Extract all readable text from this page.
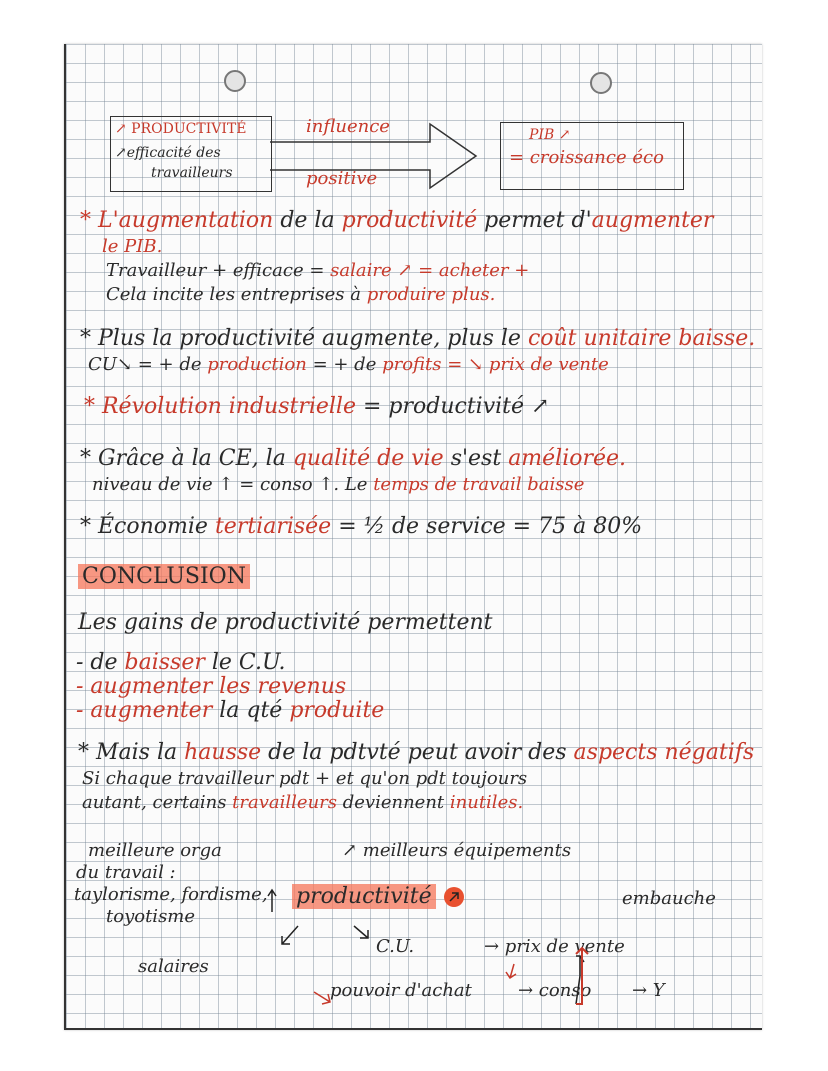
↗ PRODUCTIVITÉ
↗efficacité des
travailleurs
influence
positive
PIB ↗
= croissance éco
* L'augmentation de la productivité permet d'augmenter
le PIB.
Travailleur + efficace = salaire ↗ = acheter +
Cela incite les entreprises à produire plus.
* Plus la productivité augmente, plus le coût unitaire baisse.
CU↘ = + de production = + de profits = ↘ prix de vente
* Révolution industrielle = productivité ↗
* Grâce à la CE, la qualité de vie s'est améliorée.
niveau de vie ↑ = conso ↑. Le temps de travail baisse
* Économie tertiarisée = ½ de service = 75 à 80%
CONCLUSION
Les gains de productivité permettent
- de baisser le C.U.
- augmenter les revenus
- augmenter la qté produite
* Mais la hausse de la pdtvté peut avoir des aspects négatifs
Si chaque travailleur pdt + et qu'on pdt toujours
autant, certains travailleurs deviennent inutiles.
meilleure orga
du travail :
taylorisme, fordisme,
toyotisme
↗ meilleurs équipements
productivité	embauche
C.U.	→ prix de vente
salaires
pouvoir d'achat	→ conso → Y
